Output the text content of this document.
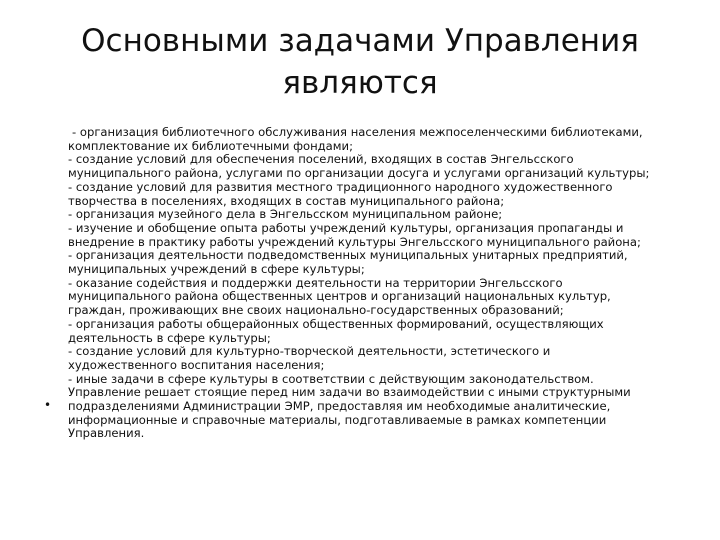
Основными задачами Управления
являются
•
- организация библиотечного обслуживания населения межпоселенческими библиотеками,
комплектование их библиотечными фондами;
- создание условий для обеспечения поселений, входящих в состав Энгельсского
муниципального района, услугами по организации досуга и услугами организаций культуры;
- создание условий для развития местного традиционного народного художественного
творчества в поселениях, входящих в состав муниципального района;
- организация музейного дела в Энгельсском муниципальном районе;
- изучение и обобщение опыта работы учреждений культуры, организация пропаганды и
внедрение в практику работы учреждений культуры Энгельсского муниципального района;
- организация деятельности подведомственных муниципальных унитарных предприятий,
муниципальных учреждений в сфере культуры;
- оказание содействия и поддержки деятельности на территории Энгельсского
муниципального района общественных центров и организаций национальных культур,
граждан, проживающих вне своих национально-государственных образований;
- организация работы общерайонных общественных формирований, осуществляющих
деятельность в сфере культуры;
- создание условий для культурно-творческой деятельности, эстетического и
художественного воспитания населения;
- иные задачи в сфере культуры в соответствии с действующим законодательством.
Управление решает стоящие перед ним задачи во взаимодействии с иными структурными
подразделениями Администрации ЭМР, предоставляя им необходимые аналитические,
информационные и справочные материалы, подготавливаемые в рамках компетенции
Управления.
